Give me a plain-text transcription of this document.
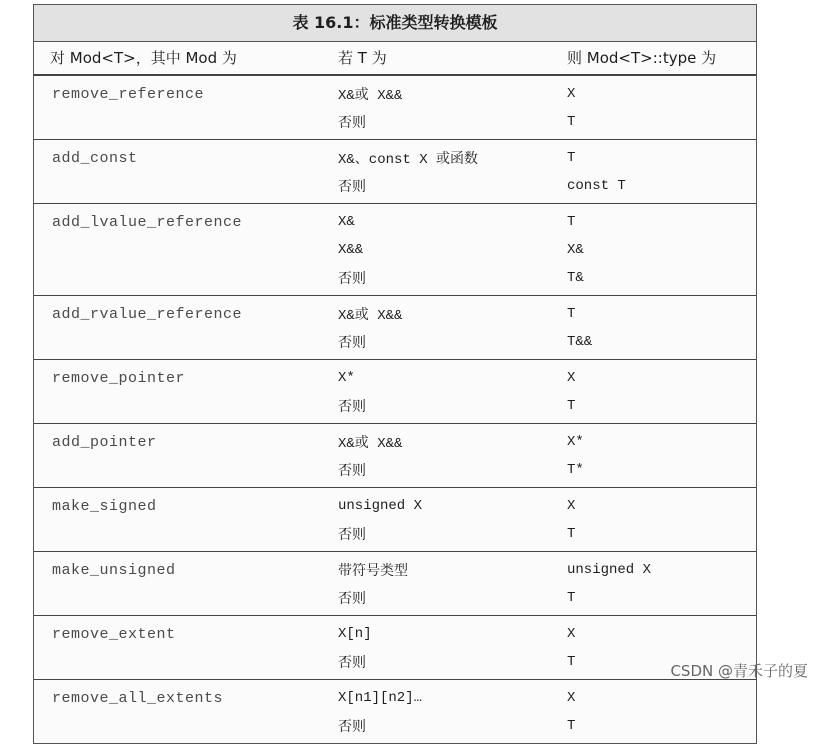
表 16.1：标准类型转换模板
对 Mod<T>，其中 Mod 为	若 T 为	则 Mod<T>::type 为
remove_reference	X&或 X&&	X
否则	T
add_const	X&、const X 或函数	T
否则	const T
add_lvalue_reference	X&	T
X&&	X&
否则	T&
add_rvalue_reference	X&或 X&&	T
否则	T&&
remove_pointer	X*	X
否则	T
add_pointer	X&或 X&&	X*
否则	T*
make_signed	unsigned X	X
否则	T
make_unsigned	带符号类型	unsigned X
否则	T
remove_extent	X[n]	X
否则	T
remove_all_extents	X[n1][n2]…	X
否则	T
CSDN @青禾子的夏
